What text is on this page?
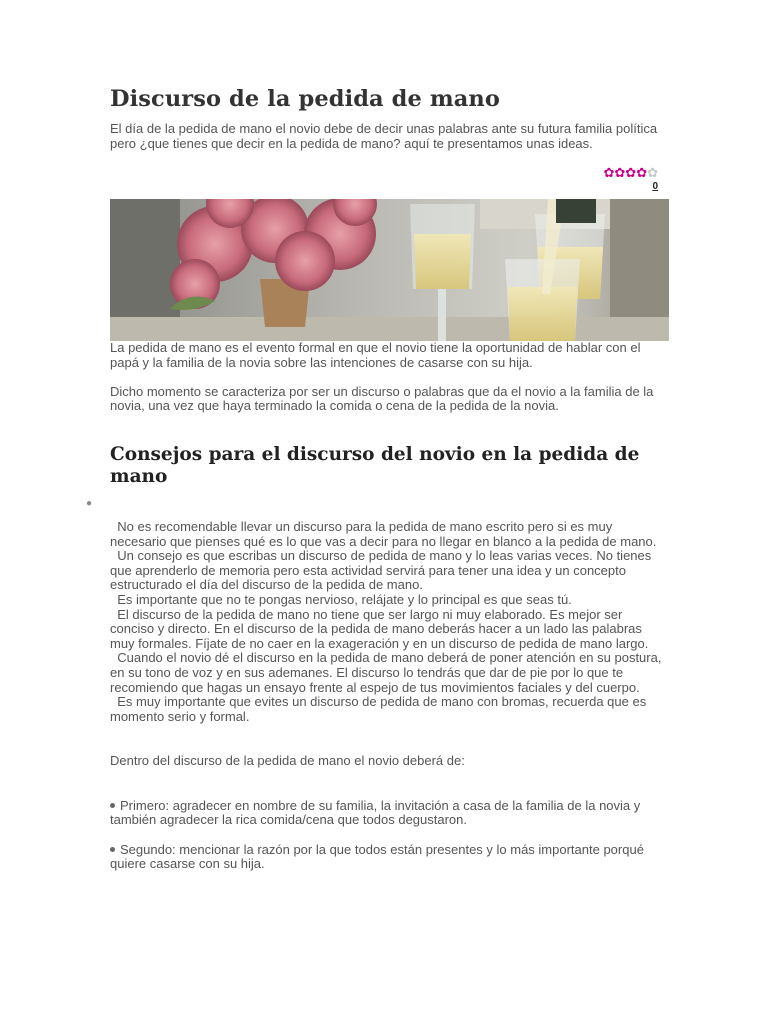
Discurso de la pedida de mano

El día de la pedida de mano el novio debe de decir unas palabras ante su futura familia política pero ¿que tienes que decir en la pedida de mano? aquí te presentamos unas ideas.

✿ ✿ ✿ ✿ ✿
0

La pedida de mano es el evento formal en que el novio tiene la oportunidad de hablar con el papá y la familia de la novia sobre las intenciones de casarse con su hija.

Dicho momento se caracteriza por ser un discurso o palabras que da el novio a la familia de la novia, una vez que haya terminado la comida o cena de la pedida de la novia.

Consejos para el discurso del novio en la pedida de mano
●

No es recomendable llevar un discurso para la pedida de mano escrito pero si es muy necesario que pienses qué es lo que vas a decir para no llegar en blanco a la pedida de mano.

Un consejo es que escribas un discurso de pedida de mano y lo leas varias veces. No tienes que aprenderlo de memoria pero esta actividad servirá para tener una idea y un concepto estructurado el día del discurso de la pedida de mano.

Es importante que no te pongas nervioso, relájate y lo principal es que seas tú.

El discurso de la pedida de mano no tiene que ser largo ni muy elaborado. Es mejor ser conciso y directo. En el discurso de la pedida de mano deberás hacer a un lado las palabras muy formales. Fíjate de no caer en la exageración y en un discurso de pedida de mano largo.

Cuando el novio dé el discurso en la pedida de mano deberá de poner atención en su postura, en su tono de voz y en sus ademanes. El discurso lo tendrás que dar de pie por lo que te recomiendo que hagas un ensayo frente al espejo de tus movimientos faciales y del cuerpo.

Es muy importante que evites un discurso de pedida de mano con bromas, recuerda que es momento serio y formal.

Dentro del discurso de la pedida de mano el novio deberá de:

Primero: agradecer en nombre de su familia, la invitación a casa de la familia de la novia y también agradecer la rica comida/cena que todos degustaron.

Segundo: mencionar la razón por la que todos están presentes y lo más importante porqué quiere casarse con su hija.
